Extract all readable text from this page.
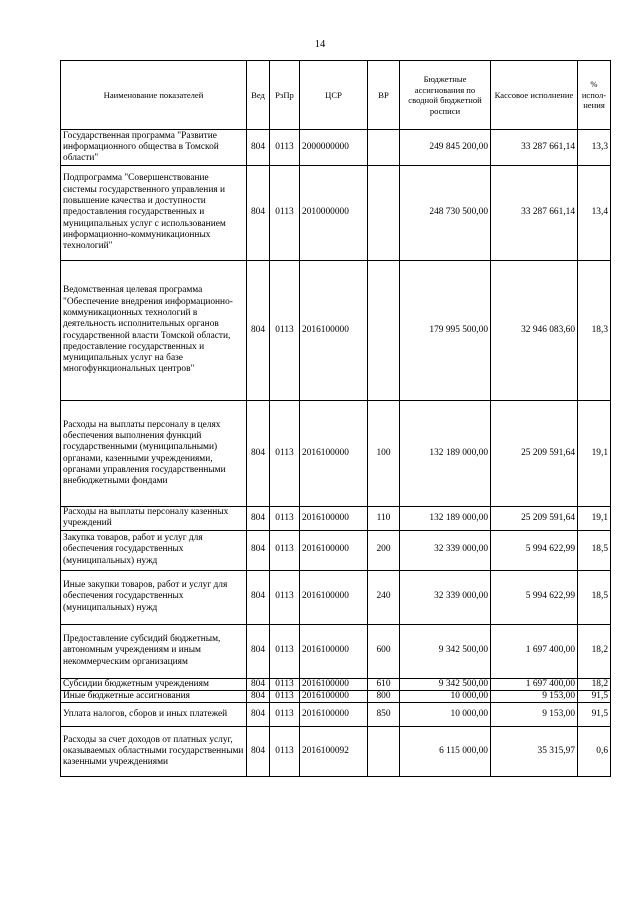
14
Наименование показателей	Вед	РзПр	ЦСР	ВР	Бюджетные ассигнования по сводной бюджетной росписи	Кассовое исполнение	% испол-нения
Государственная программа "Развитие информационного общества в Томской области"	804	0113	2000000000		249 845 200,00	33 287 661,14	13,3
Подпрограмма "Совершенствование системы государственного управления и повышение качества и доступности предоставления государственных и муниципальных услуг с использованием информационно-коммуникационных технологий"	804	0113	2010000000		248 730 500,00	33 287 661,14	13,4
Ведомственная целевая программа "Обеспечение внедрения информационно-коммуникационных технологий в деятельность исполнительных органов государственной власти Томской области, предоставление государственных и муниципальных услуг на базе многофункциональных центров"	804	0113	2016100000		179 995 500,00	32 946 083,60	18,3
Расходы на выплаты персоналу в целях обеспечения выполнения функций государственными (муниципальными) органами, казенными учреждениями, органами управления государственными внебюджетными фондами	804	0113	2016100000	100	132 189 000,00	25 209 591,64	19,1
Расходы на выплаты персоналу казенных учреждений	804	0113	2016100000	110	132 189 000,00	25 209 591,64	19,1
Закупка товаров, работ и услуг для обеспечения государственных (муниципальных) нужд	804	0113	2016100000	200	32 339 000,00	5 994 622,99	18,5
Иные закупки товаров, работ и услуг для обеспечения государственных (муниципальных) нужд	804	0113	2016100000	240	32 339 000,00	5 994 622,99	18,5
Предоставление субсидий бюджетным, автономным учреждениям и иным некоммерческим организациям	804	0113	2016100000	600	9 342 500,00	1 697 400,00	18,2
Субсидии бюджетным учреждениям	804	0113	2016100000	610	9 342 500,00	1 697 400,00	18,2
Иные бюджетные ассигнования	804	0113	2016100000	800	10 000,00	9 153,00	91,5
Уплата налогов, сборов и иных платежей	804	0113	2016100000	850	10 000,00	9 153,00	91,5
Расходы за счет доходов от платных услуг, оказываемых областными государственными казенными учреждениями	804	0113	2016100092		6 115 000,00	35 315,97	0,6
